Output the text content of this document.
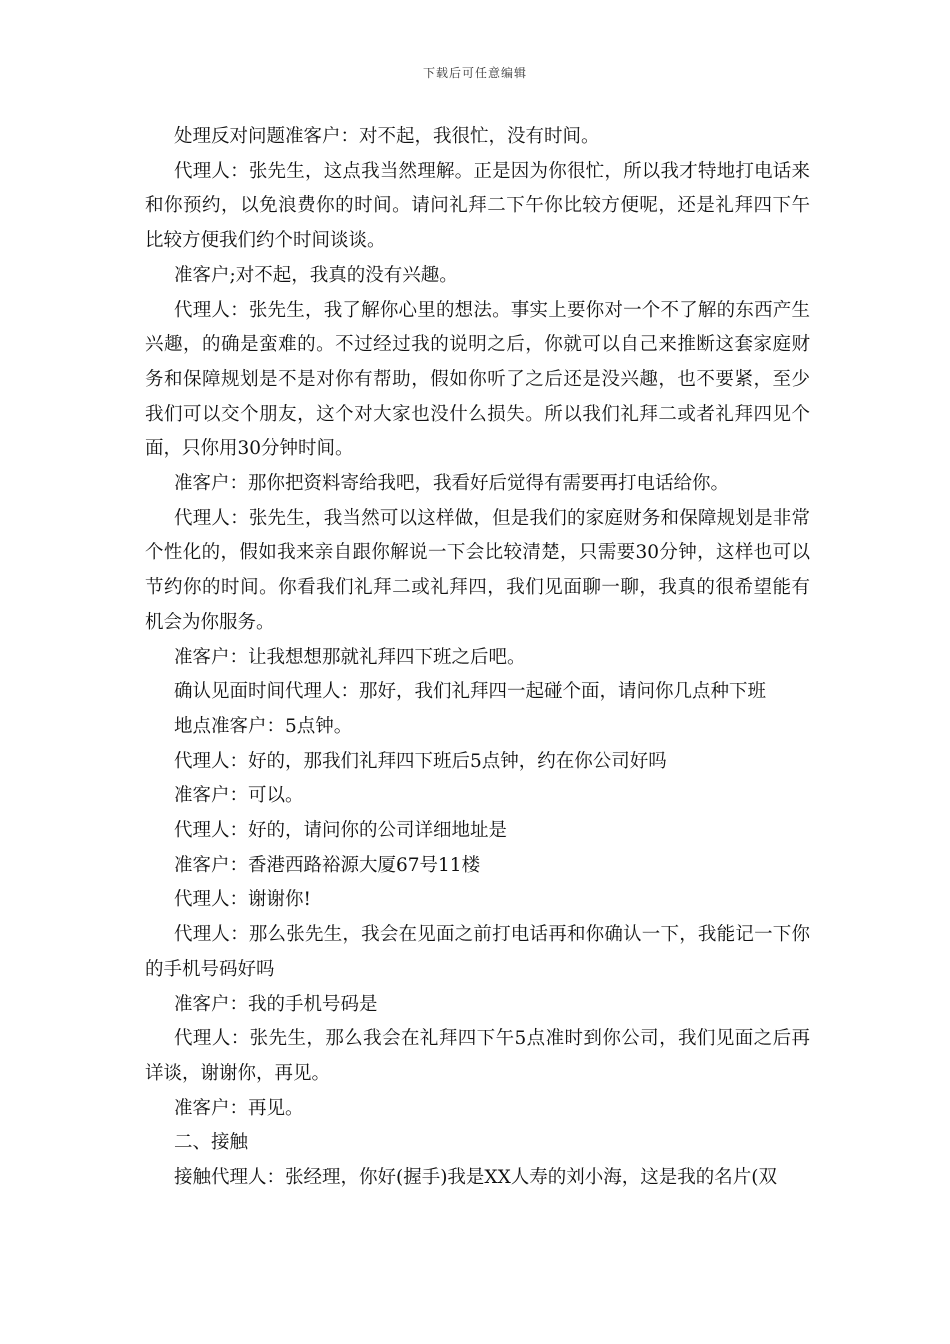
下载后可任意编辑

处理反对问题准客户：对不起，我很忙，没有时间。

代理人：张先生，这点我当然理解。正是因为你很忙，所以我才特地打电话来和你预约，以免浪费你的时间。请问礼拜二下午你比较方便呢，还是礼拜四下午比较方便我们约个时间谈谈。

准客户;对不起，我真的没有兴趣。

代理人：张先生，我了解你心里的想法。事实上要你对一个不了解的东西产生兴趣，的确是蛮难的。不过经过我的说明之后，你就可以自己来推断这套家庭财务和保障规划是不是对你有帮助，假如你听了之后还是没兴趣，也不要紧，至少我们可以交个朋友，这个对大家也没什么损失。所以我们礼拜二或者礼拜四见个面，只你用30分钟时间。

准客户：那你把资料寄给我吧，我看好后觉得有需要再打电话给你。

代理人：张先生，我当然可以这样做，但是我们的家庭财务和保障规划是非常个性化的，假如我来亲自跟你解说一下会比较清楚，只需要30分钟，这样也可以节约你的时间。你看我们礼拜二或礼拜四，我们见面聊一聊，我真的很希望能有机会为你服务。

准客户：让我想想那就礼拜四下班之后吧。

确认见面时间代理人：那好，我们礼拜四一起碰个面，请问你几点种下班

地点准客户：5点钟。

代理人：好的，那我们礼拜四下班后5点钟，约在你公司好吗

准客户：可以。

代理人：好的，请问你的公司详细地址是

准客户：香港西路裕源大厦67号11楼

代理人：谢谢你!

代理人：那么张先生，我会在见面之前打电话再和你确认一下，我能记一下你的手机号码好吗

准客户：我的手机号码是

代理人：张先生，那么我会在礼拜四下午5点准时到你公司，我们见面之后再详谈，谢谢你，再见。

准客户：再见。

二、接触

接触代理人：张经理，你好(握手)我是XX人寿的刘小海，这是我的名片(双
